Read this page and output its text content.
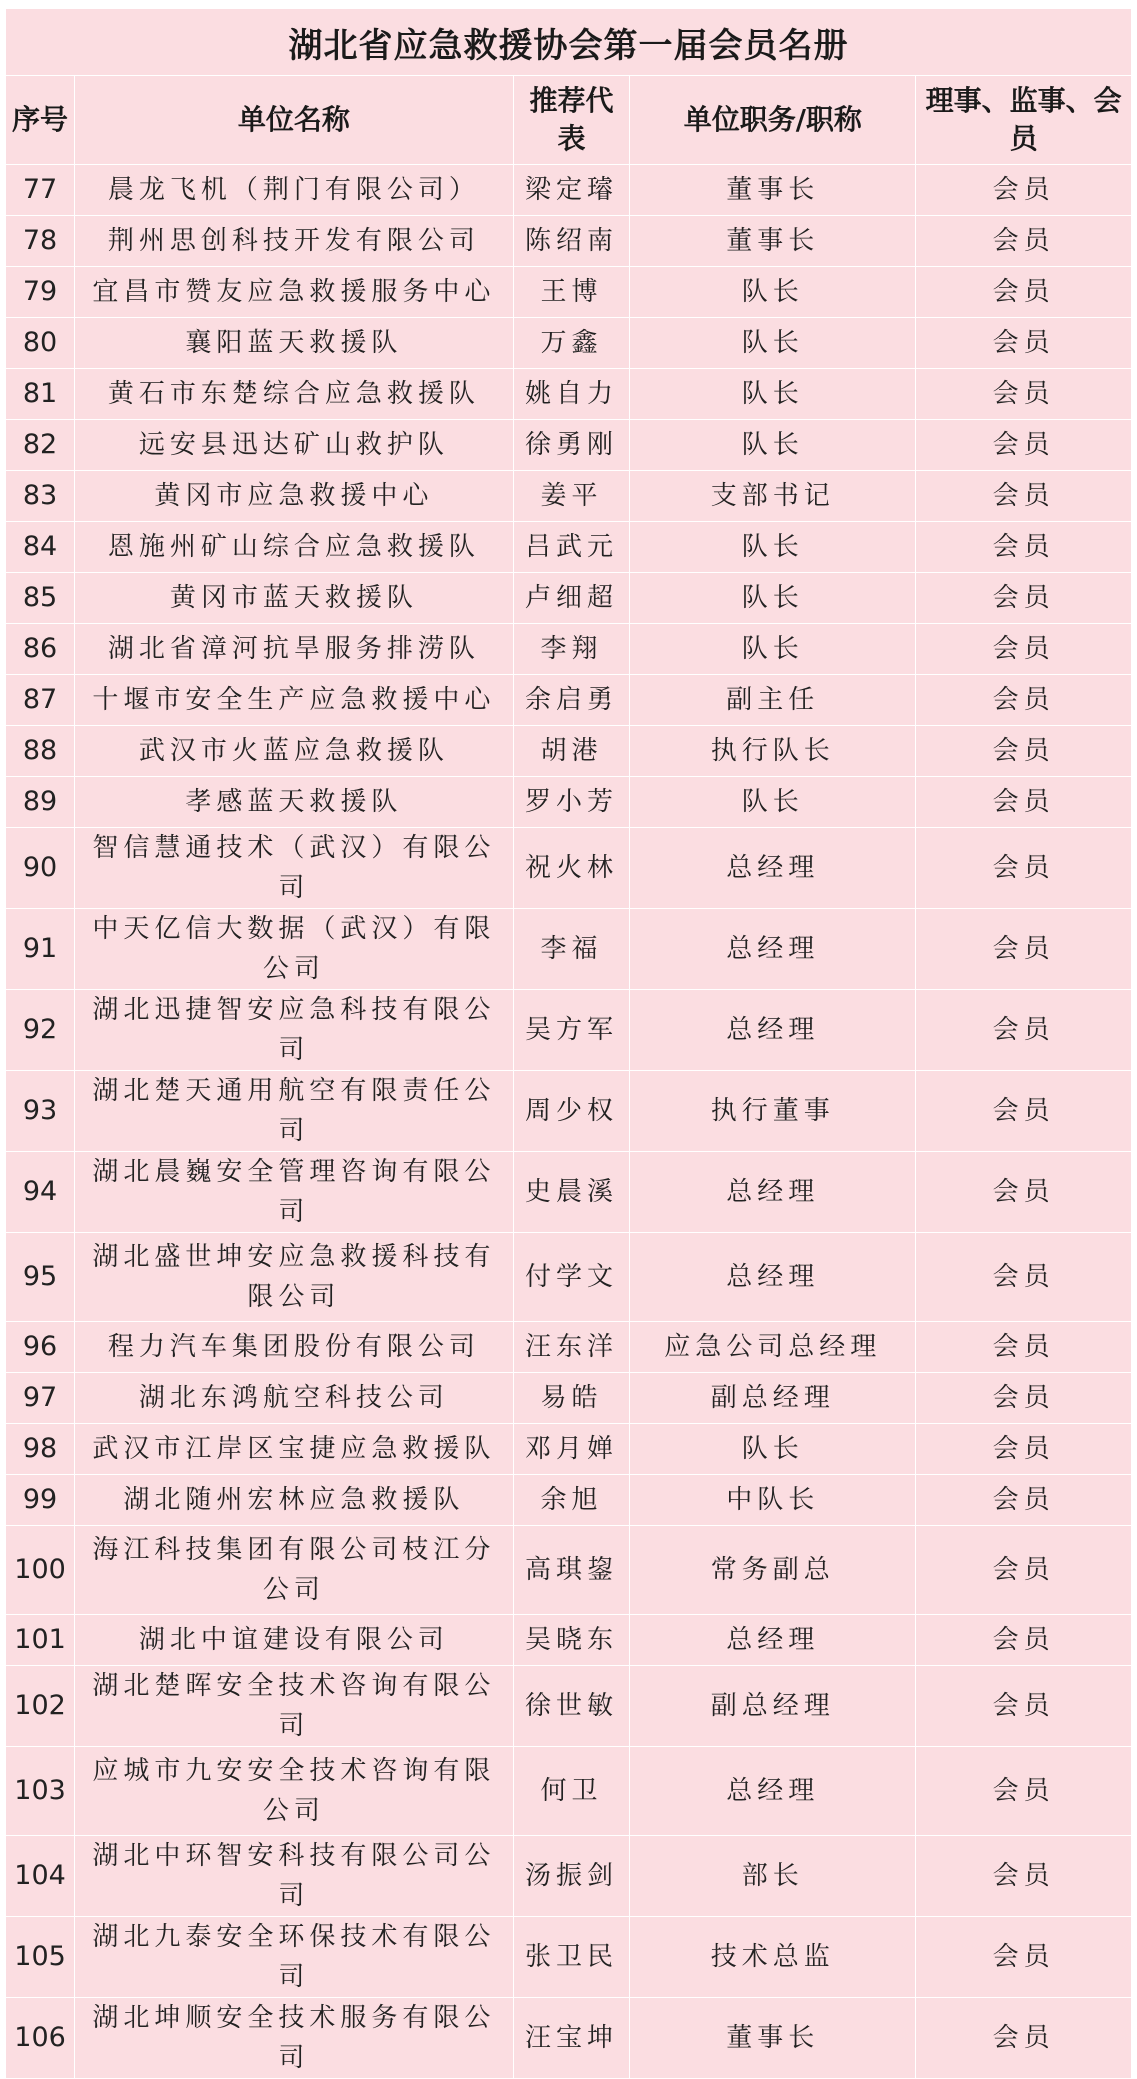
湖北省应急救援协会第一届会员名册				
序号	单位名称	推荐代表	单位职务/职称	理事、监事、会员
77	晨龙飞机（荆门有限公司）	梁定璿	董事长	会员
78	荆州思创科技开发有限公司	陈绍南	董事长	会员
79	宜昌市赞友应急救援服务中心	王博	队长	会员
80	襄阳蓝天救援队	万鑫	队长	会员
81	黄石市东楚综合应急救援队	姚自力	队长	会员
82	远安县迅达矿山救护队	徐勇刚	队长	会员
83	黄冈市应急救援中心	姜平	支部书记	会员
84	恩施州矿山综合应急救援队	吕武元	队长	会员
85	黄冈市蓝天救援队	卢细超	队长	会员
86	湖北省漳河抗旱服务排涝队	李翔	队长	会员
87	十堰市安全生产应急救援中心	余启勇	副主任	会员
88	武汉市火蓝应急救援队	胡港	执行队长	会员
89	孝感蓝天救援队	罗小芳	队长	会员
90	智信慧通技术（武汉）有限公司	祝火林	总经理	会员
91	中天亿信大数据（武汉）有限公司	李福	总经理	会员
92	湖北迅捷智安应急科技有限公司	吴方军	总经理	会员
93	湖北楚天通用航空有限责任公司	周少权	执行董事	会员
94	湖北晨巍安全管理咨询有限公司	史晨溪	总经理	会员
95	湖北盛世坤安应急救援科技有限公司	付学文	总经理	会员
96	程力汽车集团股份有限公司	汪东洋	应急公司总经理	会员
97	湖北东鸿航空科技公司	易皓	副总经理	会员
98	武汉市江岸区宝捷应急救援队	邓月婵	队长	会员
99	湖北随州宏林应急救援队	余旭	中队长	会员
100	海江科技集团有限公司枝江分公司	高琪鋆	常务副总	会员
101	湖北中谊建设有限公司	吴晓东	总经理	会员
102	湖北楚晖安全技术咨询有限公司	徐世敏	副总经理	会员
103	应城市九安安全技术咨询有限公司	何卫	总经理	会员
104	湖北中环智安科技有限公司公司	汤振剑	部长	会员
105	湖北九泰安全环保技术有限公司	张卫民	技术总监	会员
106	湖北坤顺安全技术服务有限公司	汪宝坤	董事长	会员
